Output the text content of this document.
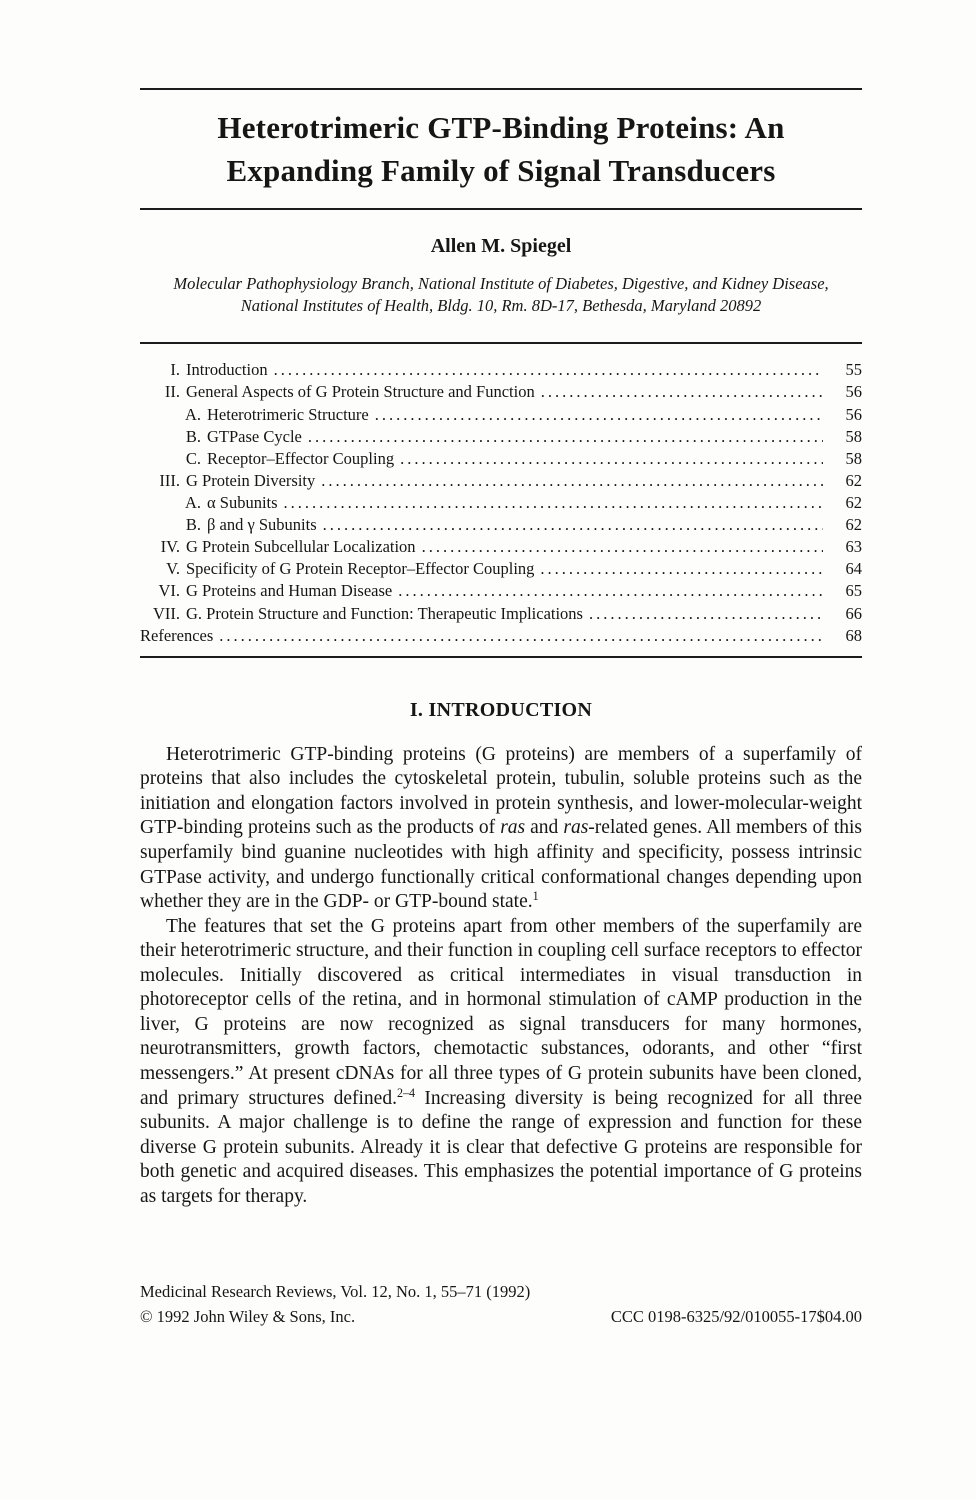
Heterotrimeric GTP-Binding Proteins: An
Expanding Family of Signal Transducers
Allen M. Spiegel
Molecular Pathophysiology Branch, National Institute of Diabetes, Digestive, and Kidney Disease,
National Institutes of Health, Bldg. 10, Rm. 8D-17, Bethesda, Maryland 20892
I. Introduction .....	55
II. General Aspects of G Protein Structure and Function .....	56
A. Heterotrimeric Structure .....	56
B. GTPase Cycle .....	58
C. Receptor–Effector Coupling .....	58
III. G Protein Diversity .....	62
A. α Subunits .....	62
B. β and γ Subunits .....	62
IV. G Protein Subcellular Localization .....	63
V. Specificity of G Protein Receptor–Effector Coupling .....	64
VI. G Proteins and Human Disease .....	65
VII. G. Protein Structure and Function: Therapeutic Implications .....	66
References .....	68
I. INTRODUCTION

Heterotrimeric GTP-binding proteins (G proteins) are members of a superfamily of proteins that also includes the cytoskeletal protein, tubulin, soluble proteins such as the initiation and elongation factors involved in protein synthesis, and lower-molecular-weight GTP-binding proteins such as the products of ras and ras-related genes. All members of this superfamily bind guanine nucleotides with high affinity and specificity, possess intrinsic GTPase activity, and undergo functionally critical conformational changes depending upon whether they are in the GDP- or GTP-bound state.$^1$

The features that set the G proteins apart from other members of the superfamily are their heterotrimeric structure, and their function in coupling cell surface receptors to effector molecules. Initially discovered as critical intermediates in visual transduction in photoreceptor cells of the retina, and in hormonal stimulation of cAMP production in the liver, G proteins are now recognized as signal transducers for many hormones, neurotransmitters, growth factors, chemotactic substances, odorants, and other “first messengers.” At present cDNAs for all three types of G protein subunits have been cloned, and primary structures defined.$^{2-4}$ Increasing diversity is being recognized for all three subunits. A major challenge is to define the range of expression and function for these diverse G protein subunits. Already it is clear that defective G proteins are responsible for both genetic and acquired diseases. This emphasizes the potential importance of G proteins as targets for therapy.

Medicinal Research Reviews, Vol. 12, No. 1, 55–71 (1992)
© 1992 John Wiley & Sons, Inc.	CCC 0198-6325/92/010055-17$04.00
